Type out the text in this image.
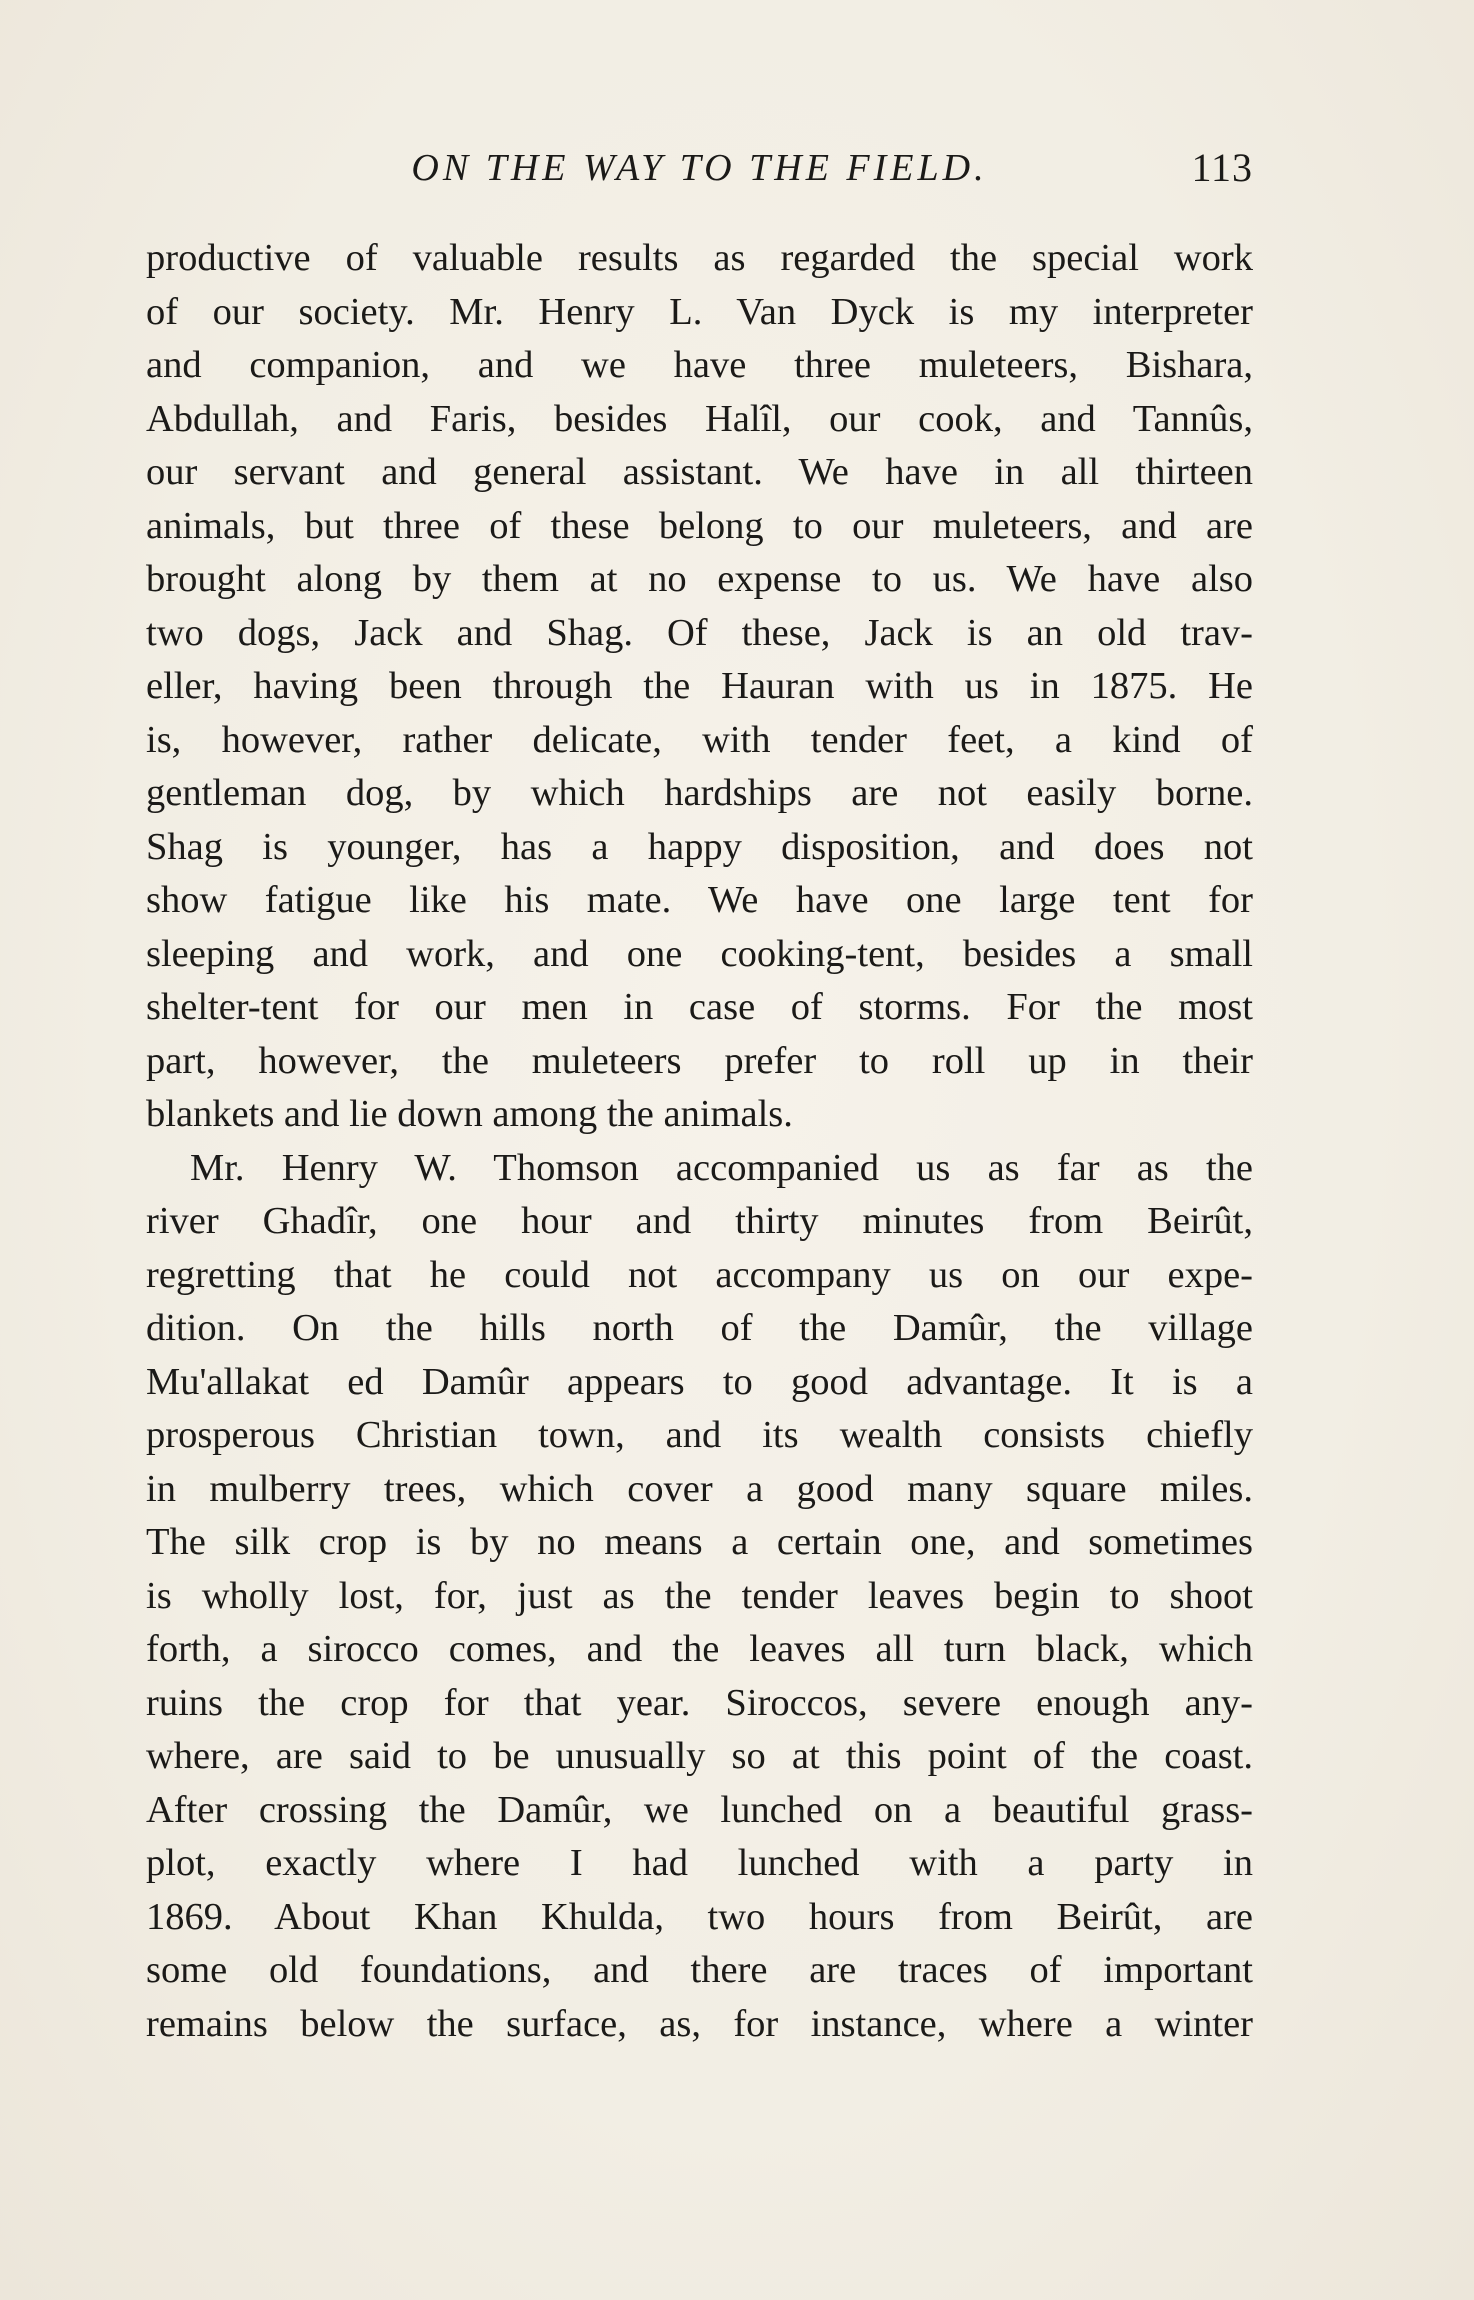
ON THE WAY TO THE FIELD.	113
productive of valuable results as regarded the special work
of our society. Mr. Henry L. Van Dyck is my interpreter
and companion, and we have three muleteers, Bishara,
Abdullah, and Faris, besides Halîl, our cook, and Tannûs,
our servant and general assistant. We have in all thirteen
animals, but three of these belong to our muleteers, and are
brought along by them at no expense to us. We have also
two dogs, Jack and Shag. Of these, Jack is an old trav-
eller, having been through the Hauran with us in 1875. He
is, however, rather delicate, with tender feet, a kind of
gentleman dog, by which hardships are not easily borne.
Shag is younger, has a happy disposition, and does not
show fatigue like his mate. We have one large tent for
sleeping and work, and one cooking-tent, besides a small
shelter-tent for our men in case of storms. For the most
part, however, the muleteers prefer to roll up in their
blankets and lie down among the animals.
Mr. Henry W. Thomson accompanied us as far as the
river Ghadîr, one hour and thirty minutes from Beirût,
regretting that he could not accompany us on our expe-
dition. On the hills north of the Damûr, the village
Mu'allakat ed Damûr appears to good advantage. It is a
prosperous Christian town, and its wealth consists chiefly
in mulberry trees, which cover a good many square miles.
The silk crop is by no means a certain one, and sometimes
is wholly lost, for, just as the tender leaves begin to shoot
forth, a sirocco comes, and the leaves all turn black, which
ruins the crop for that year. Siroccos, severe enough any-
where, are said to be unusually so at this point of the coast.
After crossing the Damûr, we lunched on a beautiful grass-
plot, exactly where I had lunched with a party in
1869. About Khan Khulda, two hours from Beirût, are
some old foundations, and there are traces of important
remains below the surface, as, for instance, where a winter
